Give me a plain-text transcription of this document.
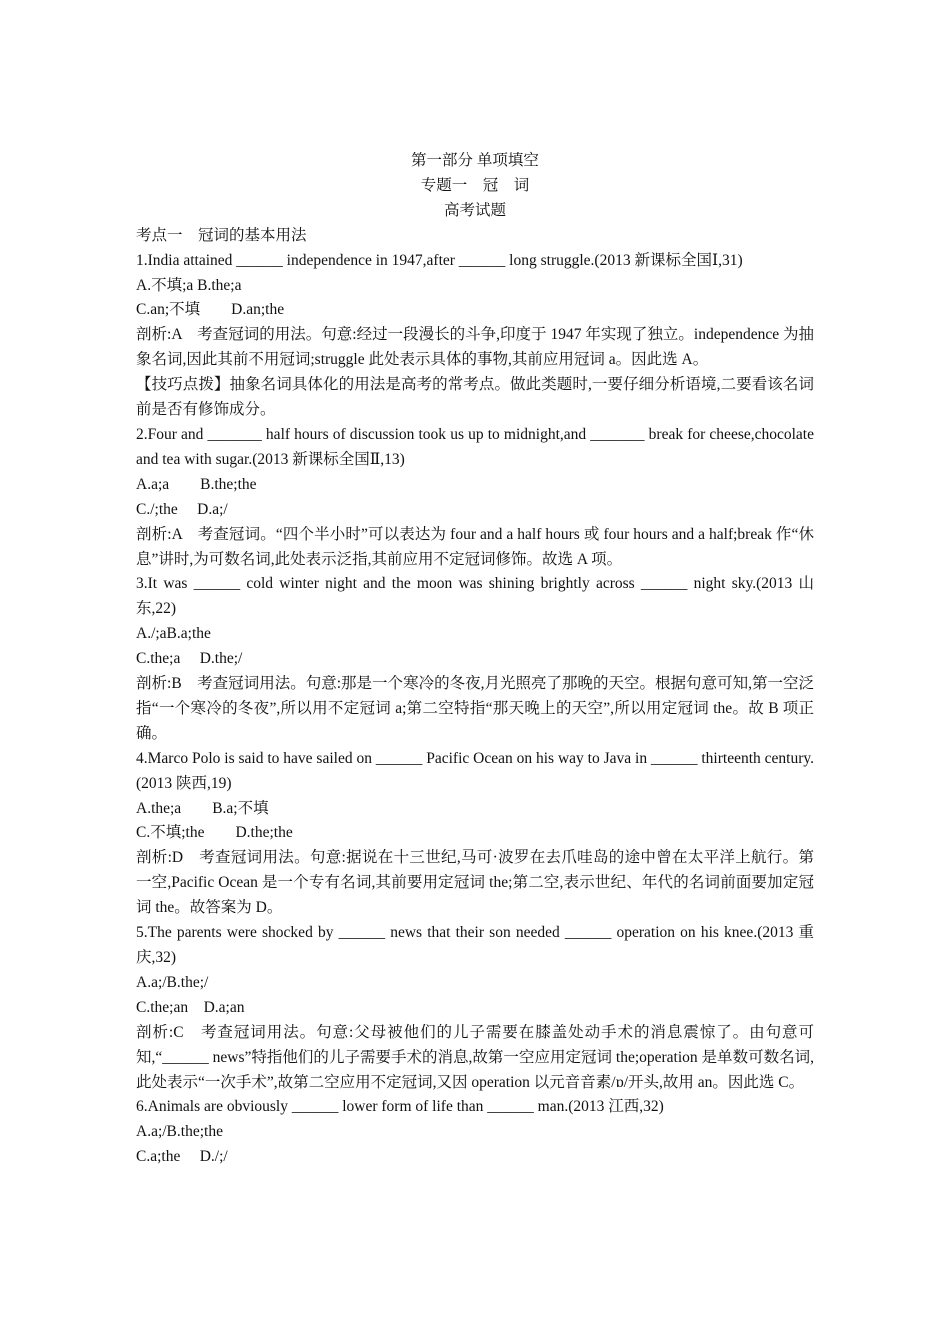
第一部分 单项填空
专题一　冠　词
高考试题
考点一　冠词的基本用法
1.India attained ______ independence in 1947,after ______ long struggle.(2013 新课标全国Ⅰ,31)
A.不填;a B.the;a
C.an;不填　　D.an;the
剖析:A　考查冠词的用法。句意:经过一段漫长的斗争,印度于 1947 年实现了独立。independence 为抽象名词,因此其前不用冠词;struggle 此处表示具体的事物,其前应用冠词 a。因此选 A。
【技巧点拨】抽象名词具体化的用法是高考的常考点。做此类题时,一要仔细分析语境,二要看该名词前是否有修饰成分。
2.Four and _______ half hours of discussion took us up to midnight,and _______ break for cheese,chocolate and tea with sugar.(2013 新课标全国Ⅱ,13)
A.a;a　　B.the;the
C./;the　 D.a;/
剖析:A　考查冠词。“四个半小时”可以表达为 four and a half hours 或 four hours and a half;break 作“休息”讲时,为可数名词,此处表示泛指,其前应用不定冠词修饰。故选 A 项。
3.It was ______ cold winter night and the moon was shining brightly across ______ night sky.(2013 山东,22)
A./;aB.a;the
C.the;a　 D.the;/
剖析:B　考查冠词用法。句意:那是一个寒冷的冬夜,月光照亮了那晚的天空。根据句意可知,第一空泛指“一个寒冷的冬夜”,所以用不定冠词 a;第二空特指“那天晚上的天空”,所以用定冠词 the。故 B 项正确。
4.Marco Polo is said to have sailed on ______ Pacific Ocean on his way to Java in ______ thirteenth century.(2013 陕西,19)
A.the;a　　B.a;不填
C.不填;the　　D.the;the
剖析:D　考查冠词用法。句意:据说在十三世纪,马可·波罗在去爪哇岛的途中曾在太平洋上航行。第一空,Pacific Ocean 是一个专有名词,其前要用定冠词 the;第二空,表示世纪、年代的名词前面要加定冠词 the。故答案为 D。
5.The parents were shocked by ______ news that their son needed ______ operation on his knee.(2013 重庆,32)
A.a;/B.the;/
C.the;an　D.a;an
剖析:C　考查冠词用法。句意:父母被他们的儿子需要在膝盖处动手术的消息震惊了。由句意可知,“______ news”特指他们的儿子需要手术的消息,故第一空应用定冠词 the;operation 是单数可数名词,此处表示“一次手术”,故第二空应用不定冠词,又因 operation 以元音音素/ɒ/开头,故用 an。因此选 C。
6.Animals are obviously ______ lower form of life than ______ man.(2013 江西,32)
A.a;/B.the;the
C.a;the　 D./;/
